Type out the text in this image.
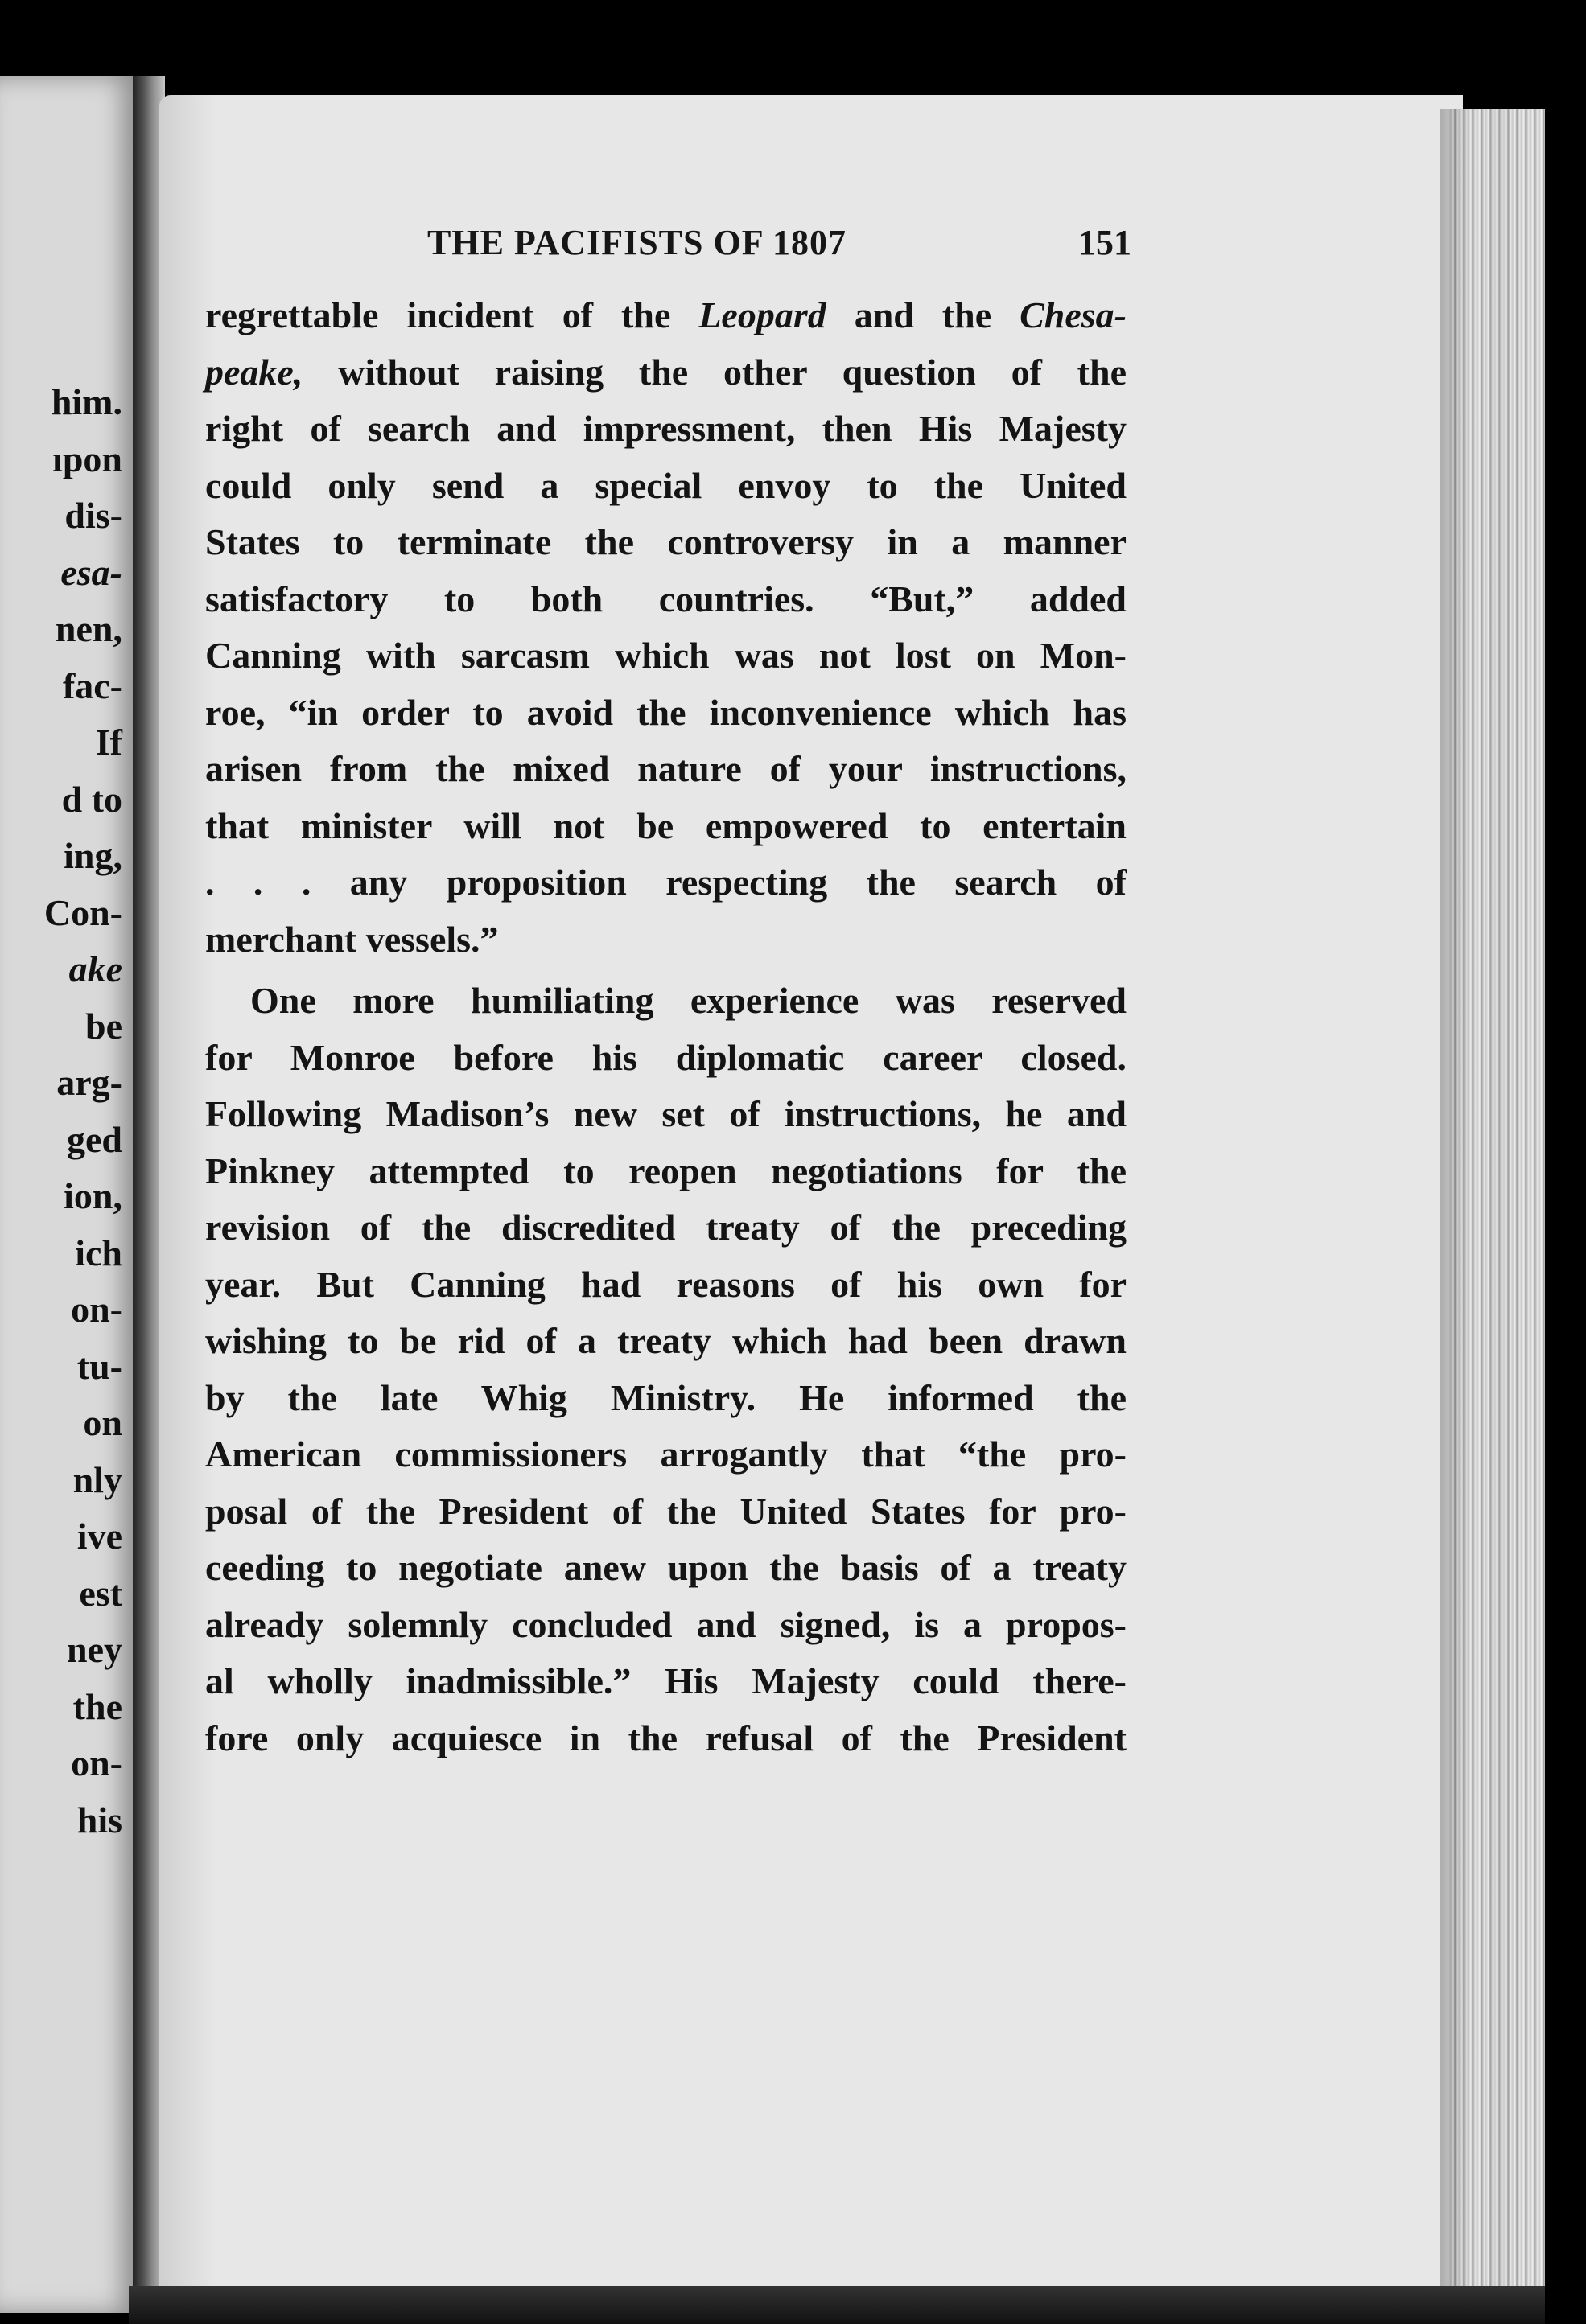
him.
ıpon
dis-
esa-
nen,
fac-
If
d to
ing,
Con-
ake
be
arg-
ged
ion,
ich
on-
tu-
on
nly
ive
est
ney
the
on-
his
THE PACIFISTS OF 1807	151
regrettable incident of the Leopard and the Chesa-
peake, without raising the other question of the
right of search and impressment, then His Majesty
could only send a special envoy to the United
States to terminate the controversy in a manner
satisfactory to both countries. “But,” added
Canning with sarcasm which was not lost on Mon-
roe, “in order to avoid the inconvenience which has
arisen from the mixed nature of your instructions,
that minister will not be empowered to entertain
. . . any proposition respecting the search of
merchant vessels.”
One more humiliating experience was reserved
for Monroe before his diplomatic career closed.
Following Madison’s new set of instructions, he and
Pinkney attempted to reopen negotiations for the
revision of the discredited treaty of the preceding
year. But Canning had reasons of his own for
wishing to be rid of a treaty which had been drawn
by the late Whig Ministry. He informed the
American commissioners arrogantly that “the pro-
posal of the President of the United States for pro-
ceeding to negotiate anew upon the basis of a treaty
already solemnly concluded and signed, is a propos-
al wholly inadmissible.” His Majesty could there-
fore only acquiesce in the refusal of the President
